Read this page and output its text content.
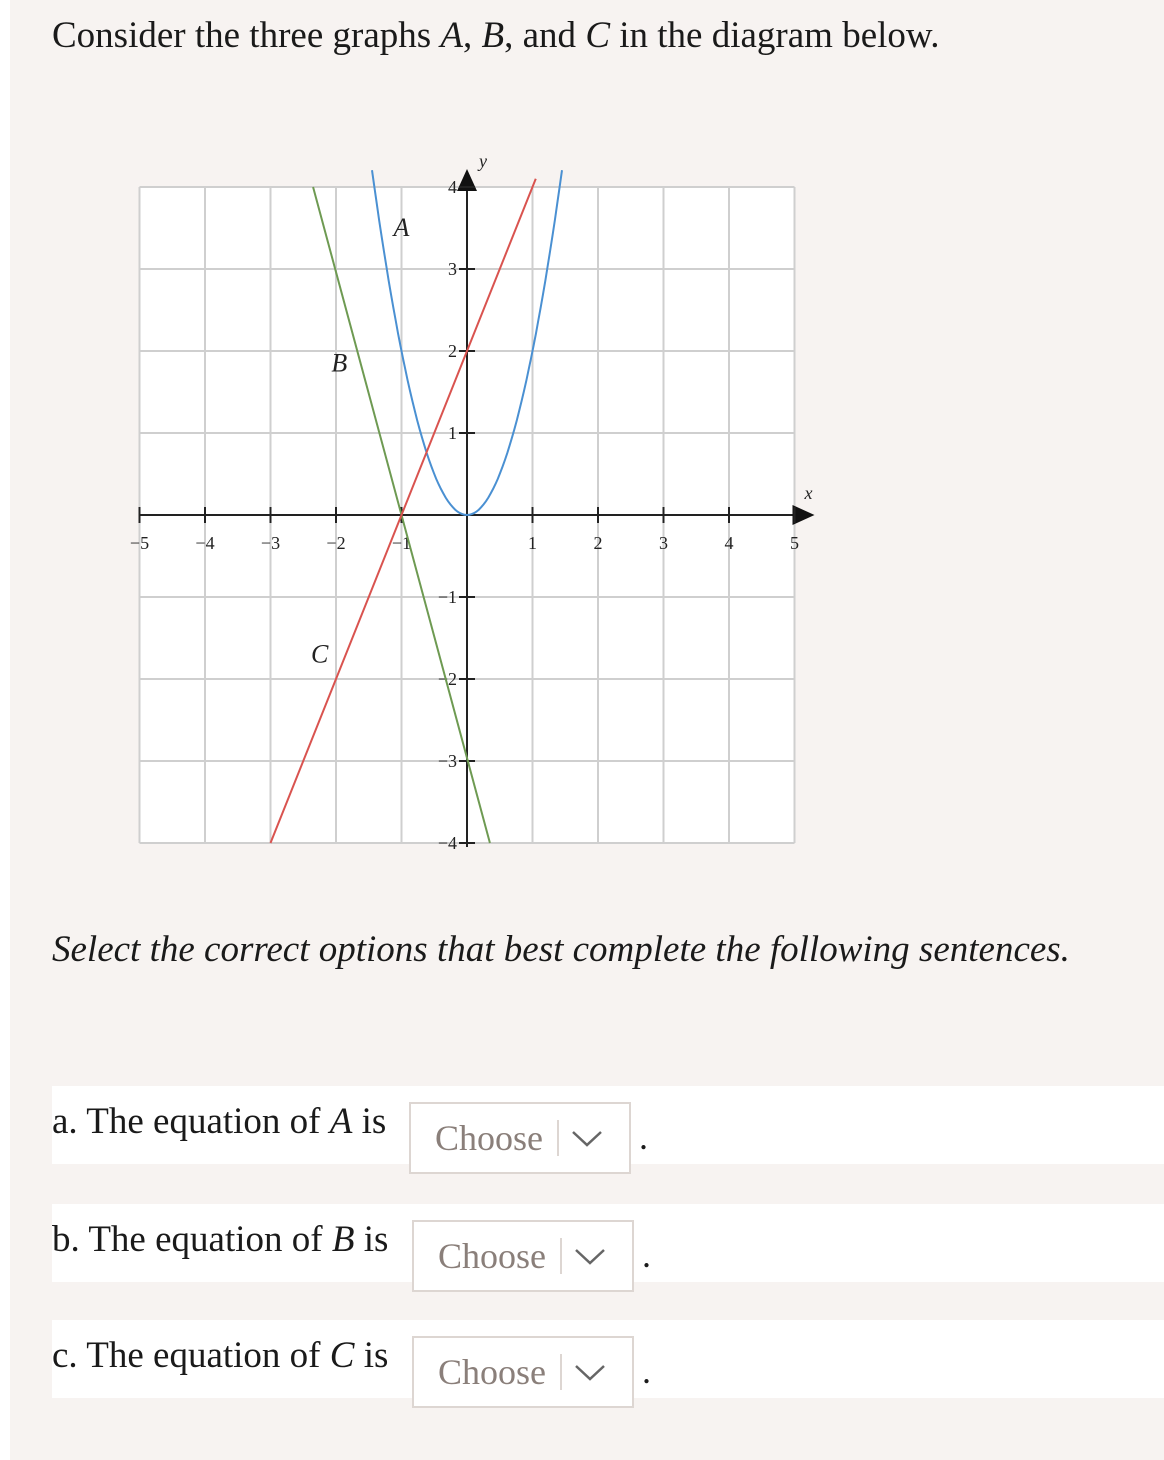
Consider the three graphs A, B, and C in the diagram below.

x
y
−5	−4	−3	−2	−1	1	2	3	4	5
4
3
2
1
−1
−2
−3
−4
A
B
C

Select the correct options that best complete the following sentences.

a. The equation of A is Choose	.
b. The equation of B is Choose	.
c. The equation of C is Choose	.
